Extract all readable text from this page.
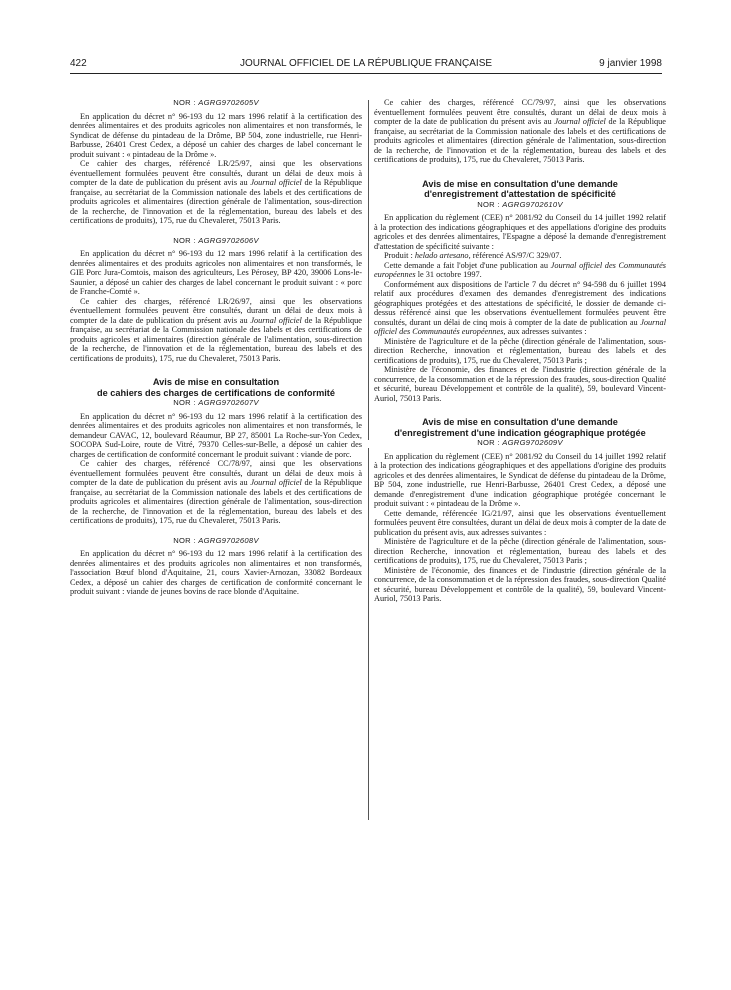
422	JOURNAL OFFICIEL DE LA RÉPUBLIQUE FRANÇAISE	9 janvier 1998
NOR : AGRG9702605V

En application du décret n° 96-193 du 12 mars 1996 relatif à la certification des denrées alimentaires et des produits agricoles non alimentaires et non transformés, le Syndicat de défense du pintadeau de la Drôme, BP 504, zone industrielle, rue Henri-Barbusse, 26401 Crest Cedex, a déposé un cahier des charges de label concernant le produit suivant : « pintadeau de la Drôme ».

Ce cahier des charges, référencé LR/25/97, ainsi que les observations éventuellement formulées peuvent être consultés, durant un délai de deux mois à compter de la date de publication du présent avis au Journal officiel de la République française, au secrétariat de la Commission nationale des labels et des certifications de produits agricoles et alimentaires (direction générale de l'alimentation, sous-direction de la recherche, de l'innovation et de la réglementation, bureau des labels et des certifications de produits), 175, rue du Chevaleret, 75013 Paris.

NOR : AGRG9702606V

En application du décret n° 96-193 du 12 mars 1996 relatif à la certification des denrées alimentaires et des produits agricoles non alimentaires et non transformés, le GIE Porc Jura-Comtois, maison des agriculteurs, Les Pérosey, BP 420, 39006 Lons-le-Saunier, a déposé un cahier des charges de label concernant le produit suivant : « porc de Franche-Comté ».

Ce cahier des charges, référencé LR/26/97, ainsi que les observations éventuellement formulées peuvent être consultés, durant un délai de deux mois à compter de la date de publication du présent avis au Journal officiel de la République française, au secrétariat de la Commission nationale des labels et des certifications de produits agricoles et alimentaires (direction générale de l'alimentation, sous-direction de la recherche, de l'innovation et de la réglementation, bureau des labels et des certifications de produits), 175, rue du Chevaleret, 75013 Paris.

Avis de mise en consultation
de cahiers des charges de certifications de conformité
NOR : AGRG9702607V

En application du décret n° 96-193 du 12 mars 1996 relatif à la certification des denrées alimentaires et des produits agricoles non alimentaires et non transformés, le demandeur CAVAC, 12, boulevard Réaumur, BP 27, 85001 La Roche-sur-Yon Cedex, SOCOPA Sud-Loire, route de Vitré, 79370 Celles-sur-Belle, a déposé un cahier des charges de certification de conformité concernant le produit suivant : viande de porc.

Ce cahier des charges, référencé CC/78/97, ainsi que les observations éventuellement formulées peuvent être consultés, durant un délai de deux mois à compter de la date de publication du présent avis au Journal officiel de la République française, au secrétariat de la Commission nationale des labels et des certifications de produits agricoles et alimentaires (direction générale de l'alimentation, sous-direction de la recherche, de l'innovation et de la réglementation, bureau des labels et des certifications de produits), 175, rue du Chevaleret, 75013 Paris.

NOR : AGRG9702608V

En application du décret n° 96-193 du 12 mars 1996 relatif à la certification des denrées alimentaires et des produits agricoles non alimentaires et non transformés, l'association Bœuf blond d'Aquitaine, 21, cours Xavier-Arnozan, 33082 Bordeaux Cedex, a déposé un cahier des charges de certification de conformité concernant le produit suivant : viande de jeunes bovins de race blonde d'Aquitaine.

Ce cahier des charges, référencé CC/79/97, ainsi que les observations éventuellement formulées peuvent être consultés, durant un délai de deux mois à compter de la date de publication du présent avis au Journal officiel de la République française, au secrétariat de la Commission nationale des labels et des certifications de produits agricoles et alimentaires (direction générale de l'alimentation, sous-direction de la recherche, de l'innovation et de la réglementation, bureau des labels et des certifications de produits), 175, rue du Chevaleret, 75013 Paris.

Avis de mise en consultation d'une demande
d'enregistrement d'attestation de spécificité
NOR : AGRG9702610V

En application du règlement (CEE) n° 2081/92 du Conseil du 14 juillet 1992 relatif à la protection des indications géographiques et des appellations d'origine des produits agricoles et des denrées alimentaires, l'Espagne a déposé la demande d'enregistrement d'attestation de spécificité suivante :

Produit : helado artesano, référencé AS/97/C 329/07.

Cette demande a fait l'objet d'une publication au Journal officiel des Communautés européennes le 31 octobre 1997.

Conformément aux dispositions de l'article 7 du décret n° 94-598 du 6 juillet 1994 relatif aux procédures d'examen des demandes d'enregistrement des indications géographiques protégées et des attestations de spécificité, le dossier de demande ci-dessus référencé ainsi que les observations éventuellement formulées peuvent être consultés, durant un délai de cinq mois à compter de la date de publication au Journal officiel des Communautés européennes, aux adresses suivantes :

Ministère de l'agriculture et de la pêche (direction générale de l'alimentation, sous-direction Recherche, innovation et réglementation, bureau des labels et des certifications de produits), 175, rue du Chevaleret, 75013 Paris ;

Ministère de l'économie, des finances et de l'industrie (direction générale de la concurrence, de la consommation et de la répression des fraudes, sous-direction Qualité et sécurité, bureau Développement et contrôle de la qualité), 59, boulevard Vincent-Auriol, 75013 Paris.

Avis de mise en consultation d'une demande
d'enregistrement d'une indication géographique protégée
NOR : AGRG9702609V

En application du règlement (CEE) n° 2081/92 du Conseil du 14 juillet 1992 relatif à la protection des indications géographiques et des appellations d'origine des produits agricoles et des denrées alimentaires, le Syndicat de défense du pintadeau de la Drôme, BP 504, zone industrielle, rue Henri-Barbusse, 26401 Crest Cedex, a déposé une demande d'enregistrement d'une indication géographique protégée concernant le produit suivant : « pintadeau de la Drôme ».

Cette demande, référencée IG/21/97, ainsi que les observations éventuellement formulées peuvent être consultées, durant un délai de deux mois à compter de la date de publication du présent avis, aux adresses suivantes :

Ministère de l'agriculture et de la pêche (direction générale de l'alimentation, sous-direction Recherche, innovation et réglementation, bureau des labels et des certifications de produits), 175, rue du Chevaleret, 75013 Paris ;

Ministère de l'économie, des finances et de l'industrie (direction générale de la concurrence, de la consommation et de la répression des fraudes, sous-direction Qualité et sécurité, bureau Développement et contrôle de la qualité), 59, boulevard Vincent-Auriol, 75013 Paris.
